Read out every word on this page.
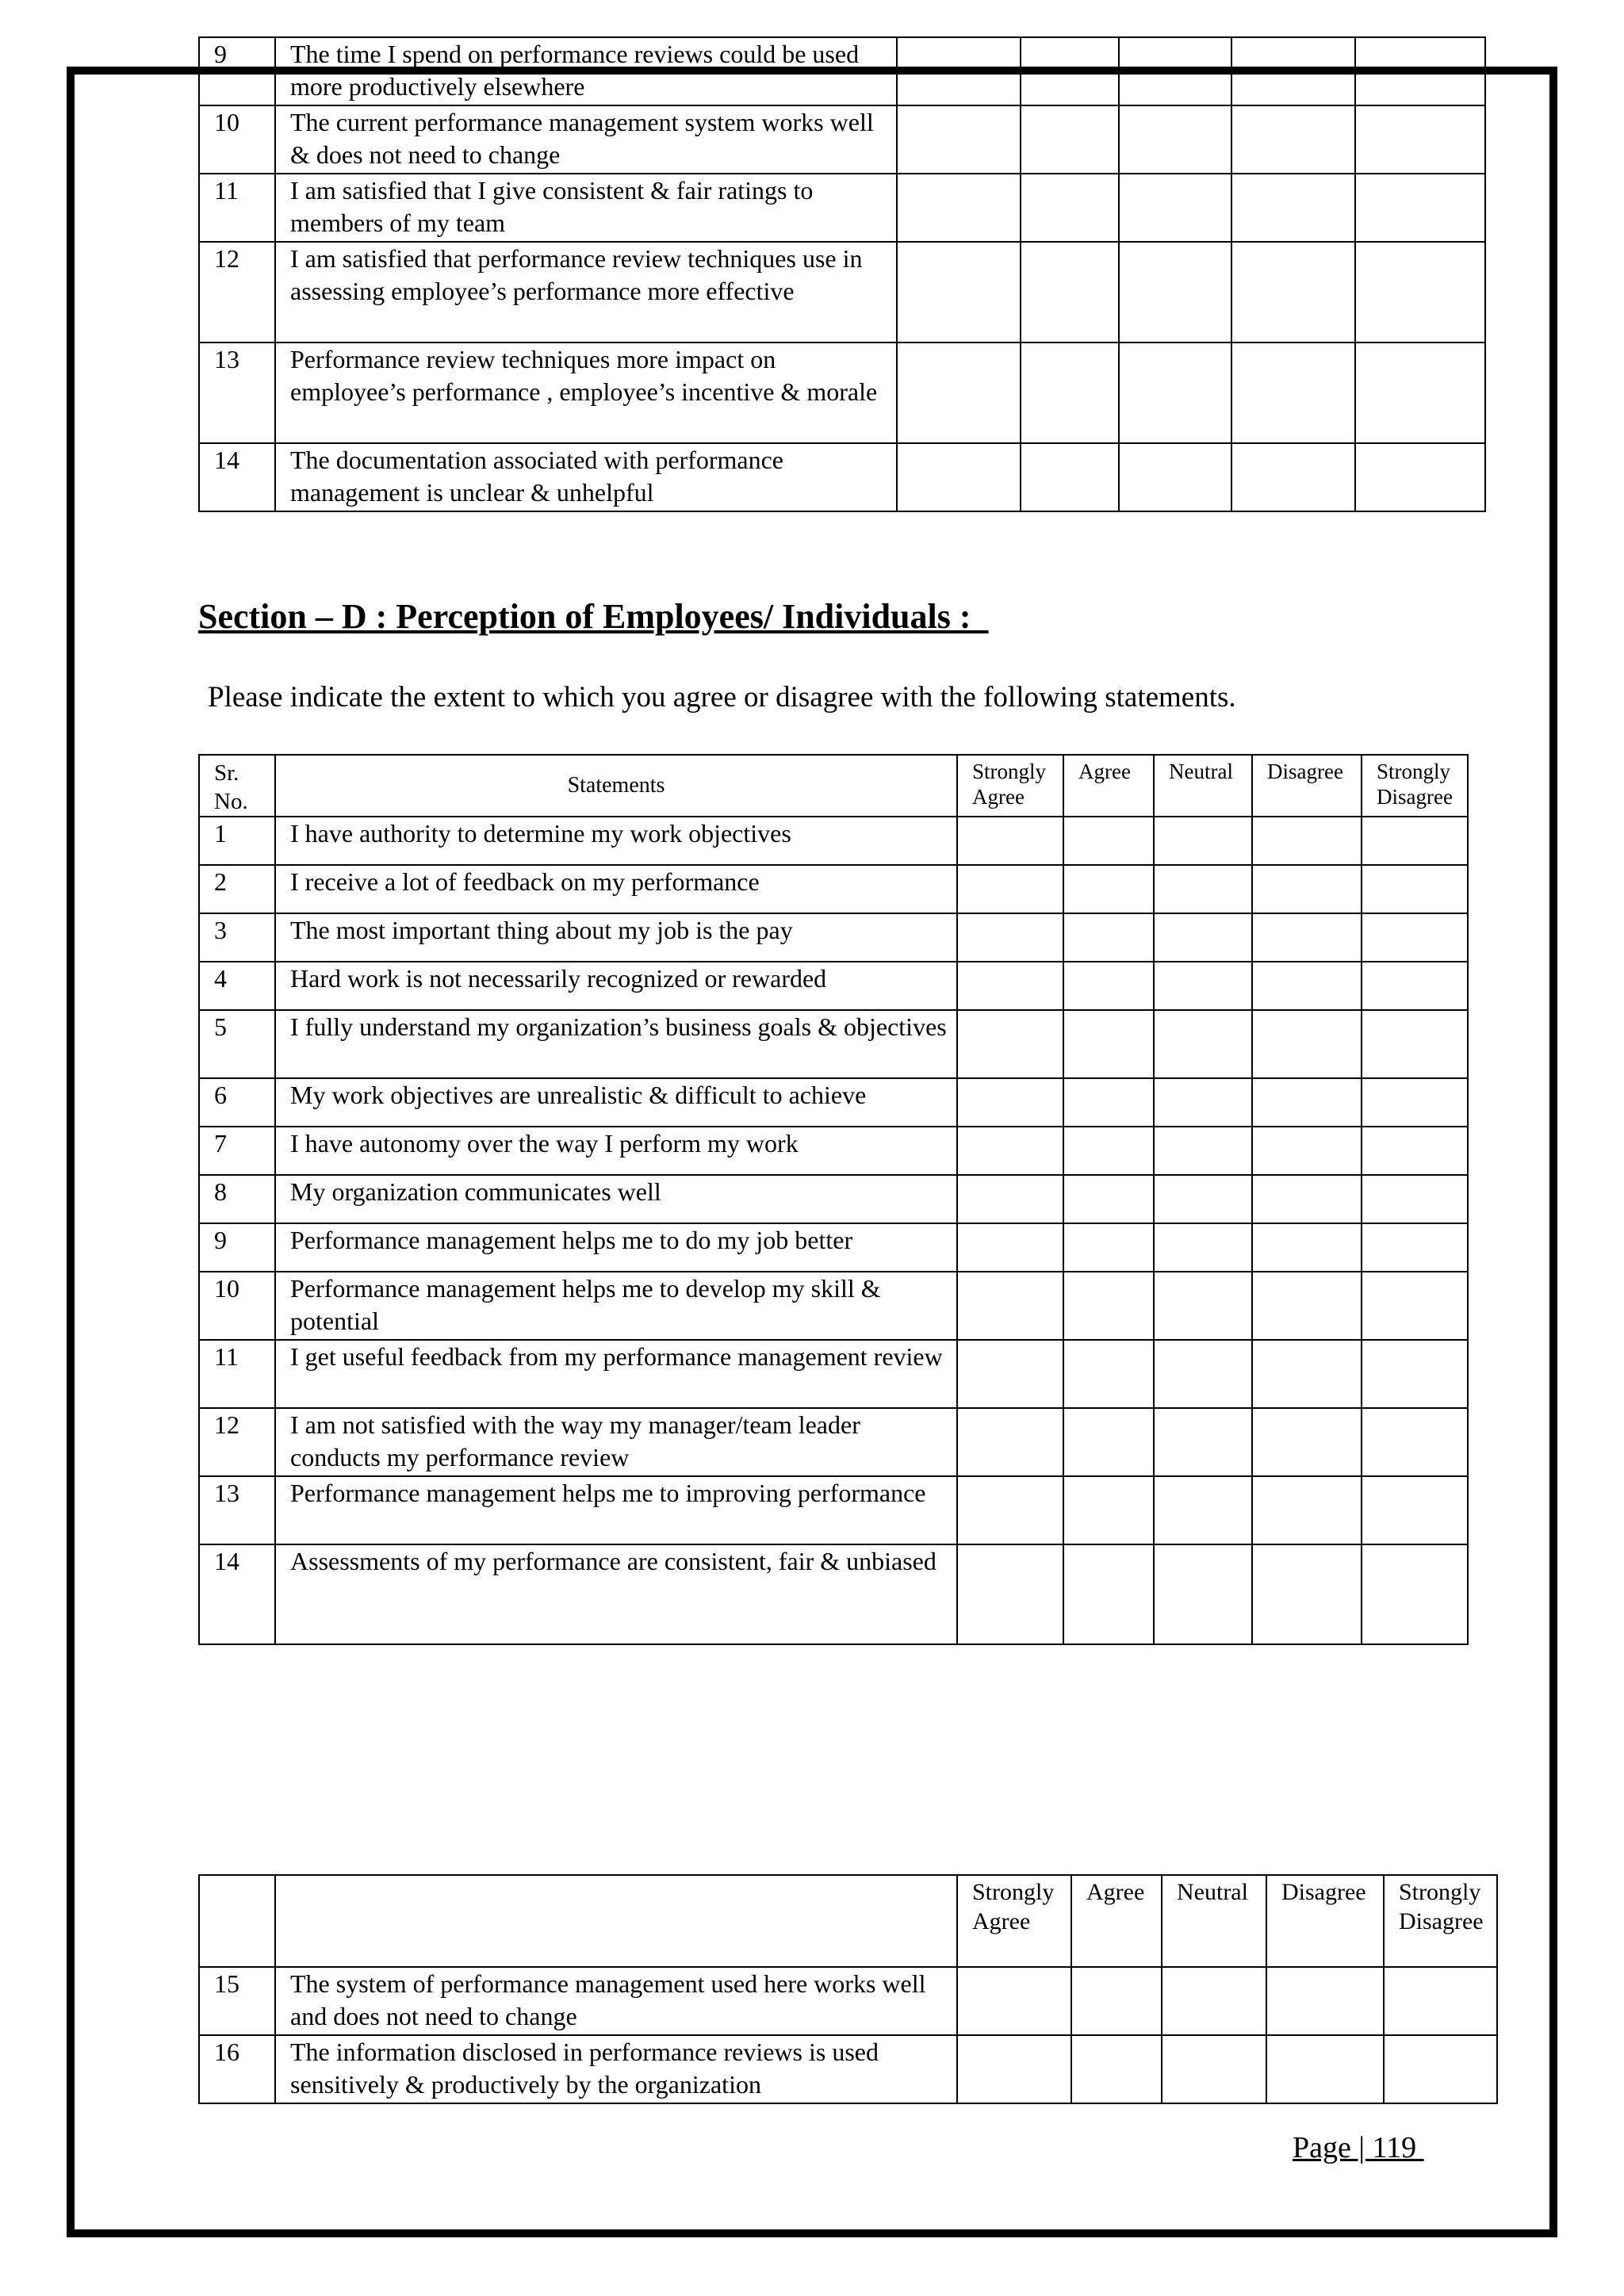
9	The time I spend on performance reviews could be used more productively elsewhere					
10	The current performance management system works well & does not need to change					
11	I am satisfied that I give consistent & fair ratings to members of my team					
12	I am satisfied that performance review techniques use in assessing employee’s performance more effective					
13	Performance review techniques more impact on employee’s performance , employee’s incentive & morale					
14	The documentation associated with performance management is unclear & unhelpful					

Section – D : Perception of Employees/ Individuals :

Please indicate the extent to which you agree or disagree with the following statements.

Sr. No.	Statements	Strongly Agree	Agree	Neutral	Disagree	Strongly Disagree
1	I have authority to determine my work objectives					
2	I receive a lot of feedback on my performance					
3	The most important thing about my job is the pay					
4	Hard work is not necessarily recognized or rewarded					
5	I fully understand my organization’s business goals & objectives					
6	My work objectives are unrealistic & difficult to achieve					
7	I have autonomy over the way I perform my work					
8	My organization communicates well					
9	Performance management helps me to do my job better					
10	Performance management helps me to develop my skill & potential					
11	I get useful feedback from my performance management review					
12	I am not satisfied with the way my manager/team leader conducts my performance review					
13	Performance management helps me to improving performance					
14	Assessments of my performance are consistent, fair & unbiased					
		Strongly Agree	Agree	Neutral	Disagree	Strongly Disagree
15	The system of performance management used here works well and does not need to change					
16	The information disclosed in performance reviews is used sensitively & productively by the organization					

Page | 119
